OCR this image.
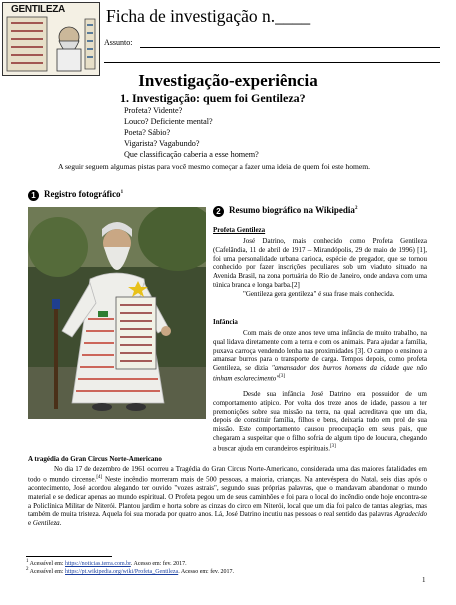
GENTILEZA Ficha de investigação n.____
Assunto:
Investigação-experiência
1. Investigação: quem foi Gentileza?
Profeta? Vidente?
Louco? Deficiente mental?
Poeta? Sábio?
Vigarista? Vagabundo?
Que classificação caberia a esse homem?
A seguir seguem algumas pistas para você mesmo começar a fazer uma ideia de quem foi este homem.
1 Registro fotográfico$^1$
2 Resumo biográfico na Wikipedia$^2$
Profeta Gentileza
José Datrino, mais conhecido como Profeta Gentileza (Cafelândia, 11 de abril de 1917 – Mirandópolis, 29 de maio de 1996) [1], foi uma personalidade urbana carioca, espécie de pregador, que se tornou conhecido por fazer inscrições peculiares sob um viaduto situado na Avenida Brasil, na zona portuária do Rio de Janeiro, onde andava com uma túnica branca e longa barba.[2]
"Gentileza gera gentileza" é sua frase mais conhecida.
Infância
Com mais de onze anos teve uma infância de muito trabalho, na qual lidava diretamente com a terra e com os animais. Para ajudar a família, puxava carroça vendendo lenha nas proximidades [3]. O campo o ensinou a amansar burros para o transporte de carga. Tempos depois, como profeta Gentileza, se dizia "amansador dos burros homens da cidade que não tinham esclarecimento"[3]
Desde sua infância José Datrino era possuidor de um comportamento atípico. Por volta dos treze anos de idade, passou a ter premonições sobre sua missão na terra, na qual acreditava que um dia, depois de constituir família, filhos e bens, deixaria tudo em prol de sua missão. Este comportamento causou preocupação em seus pais, que chegaram a suspeitar que o filho sofria de algum tipo de loucura, chegando a buscar ajuda em curandeiros espirituais.[3]
A tragédia do Gran Circus Norte-Americano
No dia 17 de dezembro de 1961 ocorreu a Tragédia do Gran Circus Norte-Americano, considerada uma das maiores fatalidades em todo o mundo circense.[4] Neste incêndio morreram mais de 500 pessoas, a maioria, crianças. Na antevéspera do Natal, seis dias após o acontecimento, José acordou alegando ter ouvido "vozes astrais", segundo suas próprias palavras, que o mandavam abandonar o mundo material e se dedicar apenas ao mundo espiritual. O Profeta pegou um de seus caminhões e foi para o local do incêndio onde hoje encontra-se a Policlínica Militar de Niterói. Plantou jardim e horta sobre as cinzas do circo em Niterói, local que um dia foi palco de tantas alegrias, mas também de muita tristeza. Aquela foi sua morada por quatro anos. Lá, José Datrino incutiu nas pessoas o real sentido das palavras Agradecido e Gentileza.
$^1$ Acessível em: https://noticias.terra.com.br. Acesso em: fev. 2017.
$^2$ Acessível em: https://pt.wikipedia.org/wiki/Profeta_Gentileza. Acesso em: fev. 2017.
1
